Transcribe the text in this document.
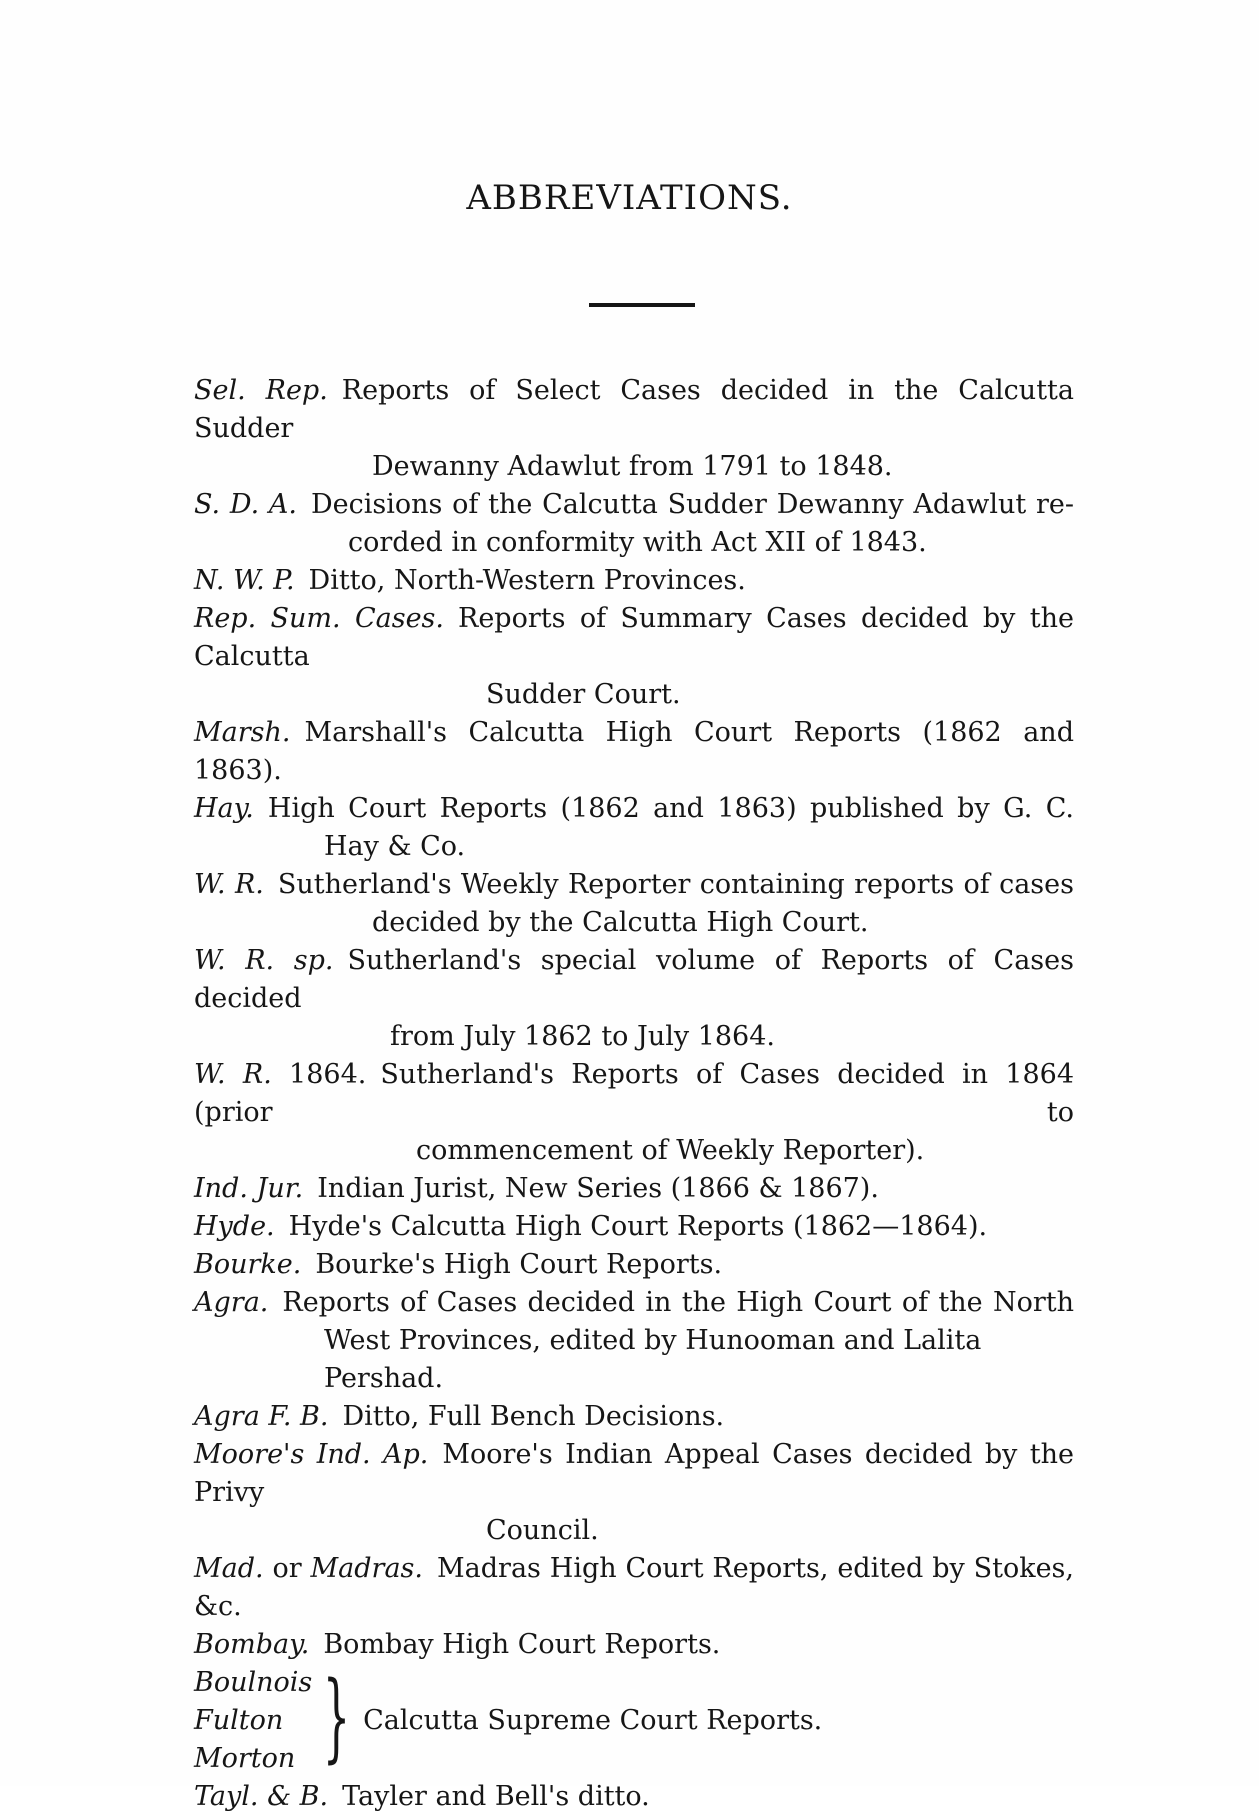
ABBREVIATIONS.
Sel. Rep. Reports of Select Cases decided in the Calcutta Sudder
Dewanny Adawlut from 1791 to 1848.
S. D. A. Decisions of the Calcutta Sudder Dewanny Adawlut re-
corded in conformity with Act XII of 1843.
N. W. P. Ditto, North-Western Provinces.
Rep. Sum. Cases. Reports of Summary Cases decided by the Calcutta
Sudder Court.
Marsh. Marshall's Calcutta High Court Reports (1862 and 1863).
Hay. High Court Reports (1862 and 1863) published by G. C.
Hay & Co.
W. R. Sutherland's Weekly Reporter containing reports of cases
decided by the Calcutta High Court.
W. R. sp. Sutherland's special volume of Reports of Cases decided
from July 1862 to July 1864.
W. R. 1864. Sutherland's Reports of Cases decided in 1864 (prior to
commencement of Weekly Reporter).
Ind. Jur. Indian Jurist, New Series (1866 & 1867).
Hyde. Hyde's Calcutta High Court Reports (1862—1864).
Bourke. Bourke's High Court Reports.
Agra. Reports of Cases decided in the High Court of the North
West Provinces, edited by Hunooman and Lalita Pershad.
Agra F. B. Ditto, Full Bench Decisions.
Moore's Ind. Ap. Moore's Indian Appeal Cases decided by the Privy
Council.
Mad. or Madras. Madras High Court Reports, edited by Stokes, &c.
Bombay. Bombay High Court Reports.
Boulnois
Fulton
Morton } Calcutta Supreme Court Reports.
Tayl. & B. Tayler and Bell's ditto.
